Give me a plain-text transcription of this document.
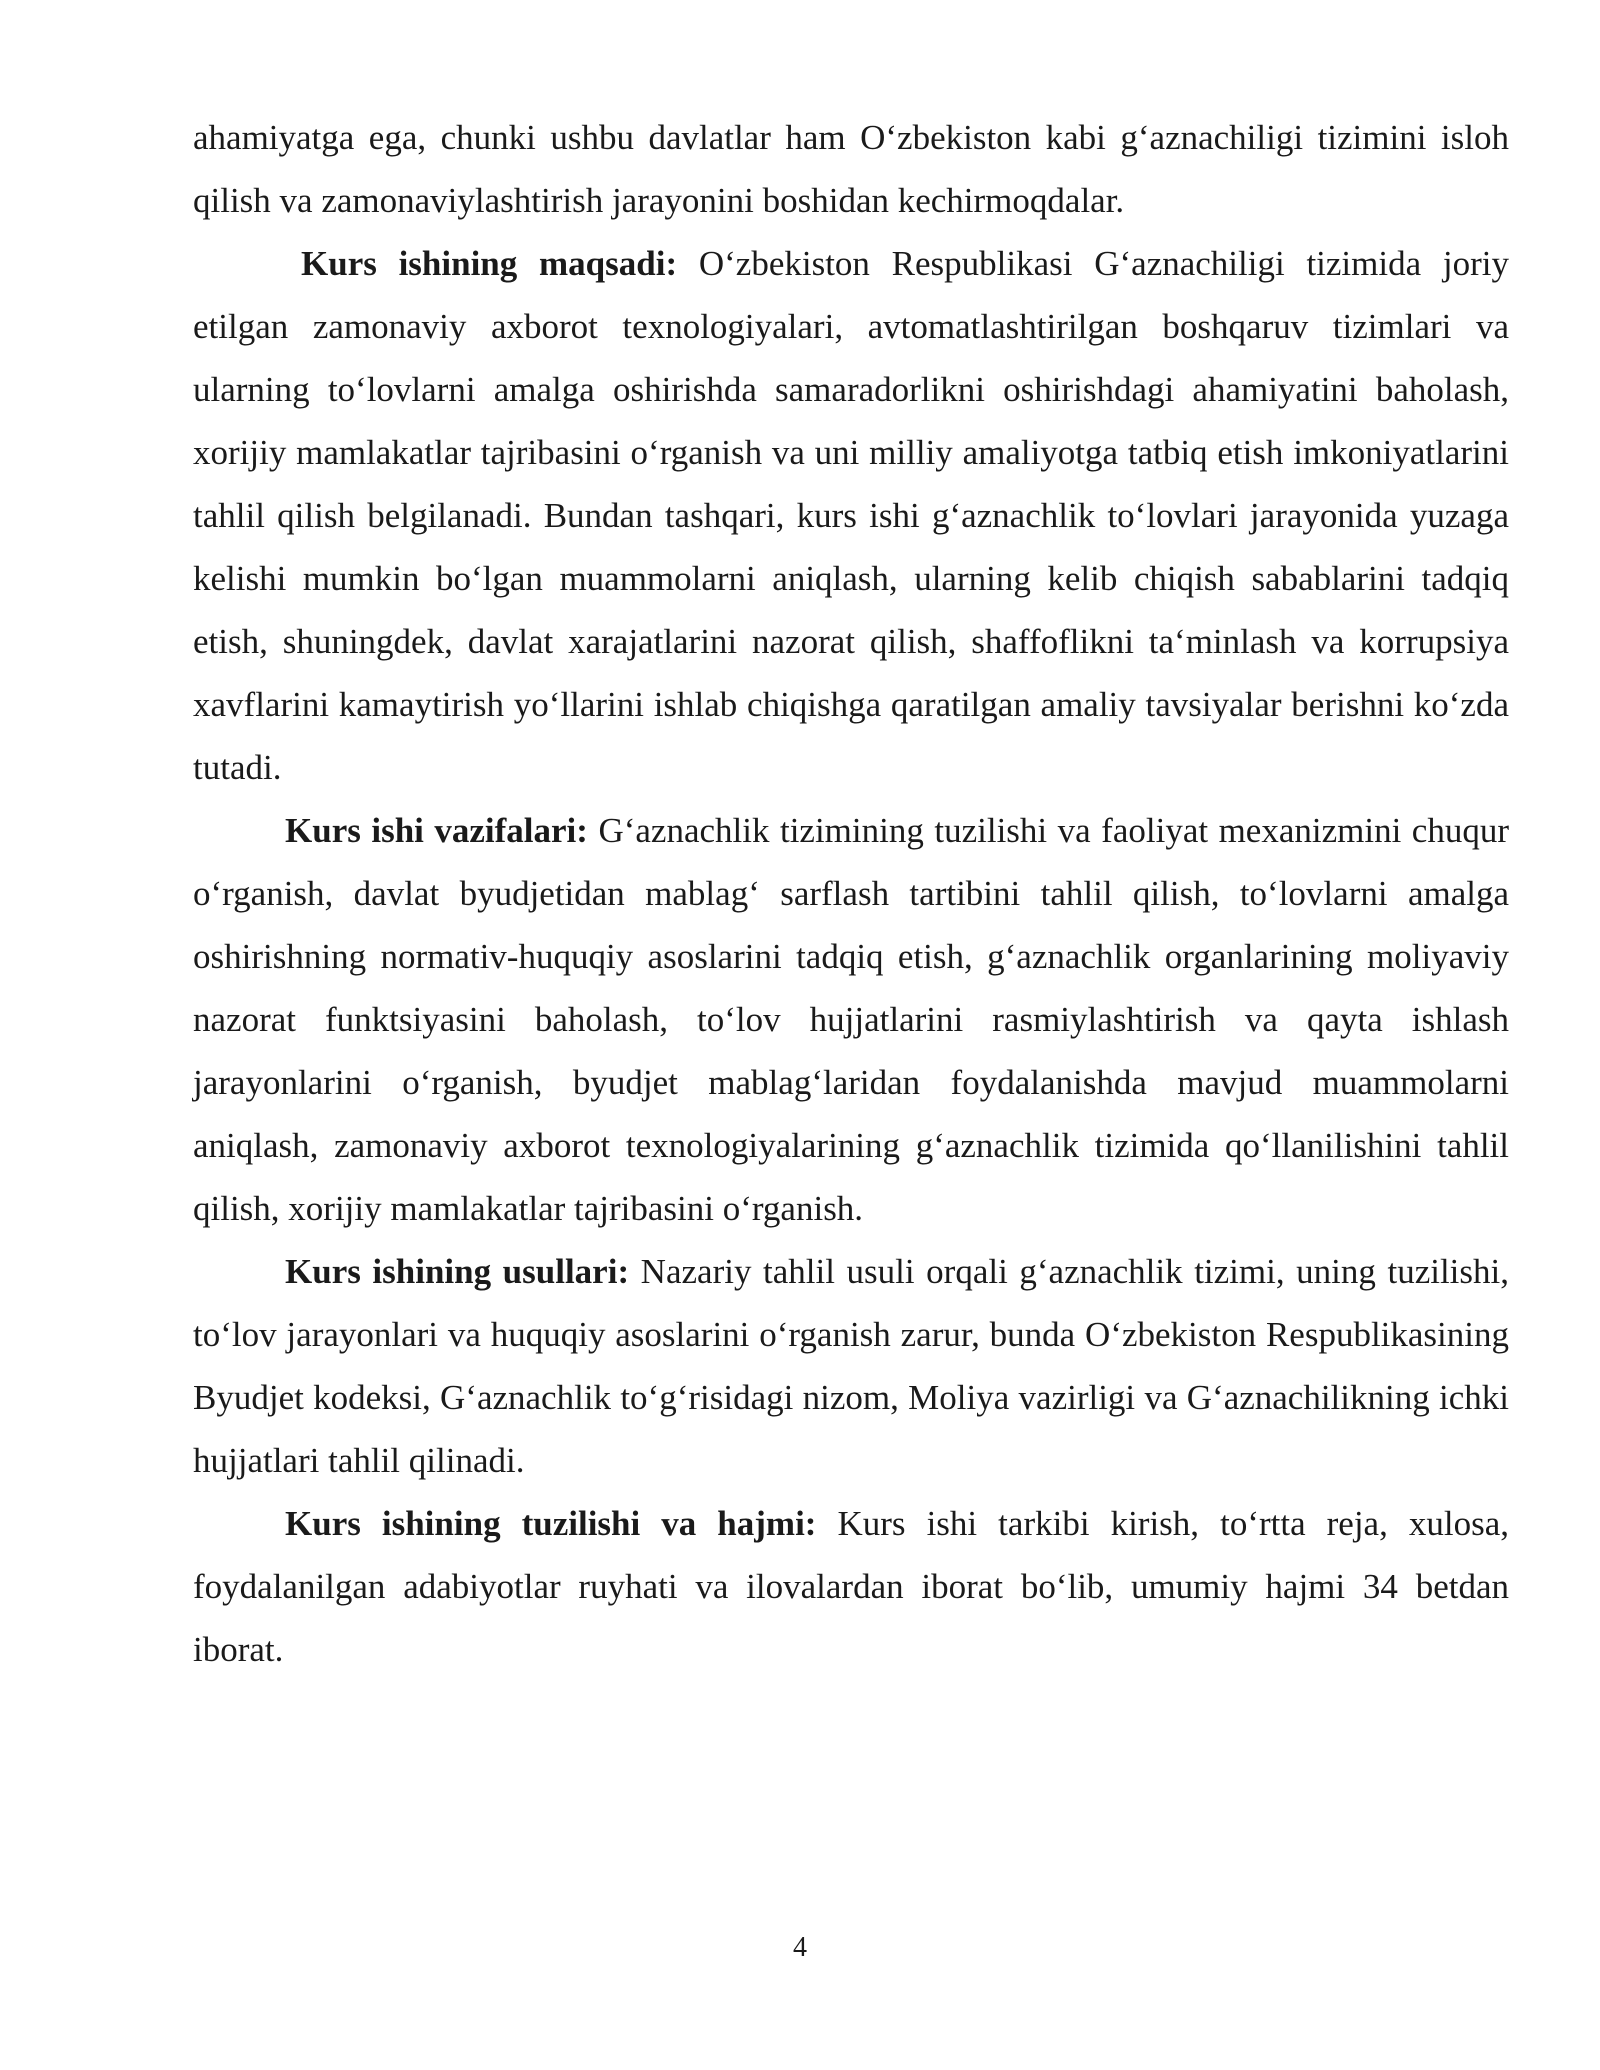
ahamiyatga ega, chunki ushbu davlatlar ham O‘zbekiston kabi g‘aznachiligi tizimini isloh qilish va zamonaviylashtirish jarayonini boshidan kechirmoqdalar.

Kurs ishining maqsadi: O‘zbekiston Respublikasi G‘aznachiligi tizimida joriy etilgan zamonaviy axborot texnologiyalari, avtomatlashtirilgan boshqaruv tizimlari va ularning to‘lovlarni amalga oshirishda samaradorlikni oshirishdagi ahamiyatini baholash, xorijiy mamlakatlar tajribasini o‘rganish va uni milliy amaliyotga tatbiq etish imkoniyatlarini tahlil qilish belgilanadi. Bundan tashqari, kurs ishi g‘aznachlik to‘lovlari jarayonida yuzaga kelishi mumkin bo‘lgan muammolarni aniqlash, ularning kelib chiqish sabablarini tadqiq etish, shuningdek, davlat xarajatlarini nazorat qilish, shaffoflikni ta‘minlash va korrupsiya xavflarini kamaytirish yo‘llarini ishlab chiqishga qaratilgan amaliy tavsiyalar berishni ko‘zda tutadi.

Kurs ishi vazifalari: G‘aznachlik tizimining tuzilishi va faoliyat mexanizmini chuqur o‘rganish, davlat byudjetidan mablag‘ sarflash tartibini tahlil qilish, to‘lovlarni amalga oshirishning normativ-huquqiy asoslarini tadqiq etish, g‘aznachlik organlarining moliyaviy nazorat funktsiyasini baholash, to‘lov hujjatlarini rasmiylashtirish va qayta ishlash jarayonlarini o‘rganish, byudjet mablag‘laridan foydalanishda mavjud muammolarni aniqlash, zamonaviy axborot texnologiyalarining g‘aznachlik tizimida qo‘llanilishini tahlil qilish, xorijiy mamlakatlar tajribasini o‘rganish.

Kurs ishining usullari: Nazariy tahlil usuli orqali g‘aznachlik tizimi, uning tuzilishi, to‘lov jarayonlari va huquqiy asoslarini o‘rganish zarur, bunda O‘zbekiston Respublikasining Byudjet kodeksi, G‘aznachlik to‘g‘risidagi nizom, Moliya vazirligi va G‘aznachilikning ichki hujjatlari tahlil qilinadi.

Kurs ishining tuzilishi va hajmi: Kurs ishi tarkibi kirish, to‘rtta reja, xulosa, foydalanilgan adabiyotlar ruyhati va ilovalardan iborat bo‘lib, umumiy hajmi 34 betdan iborat.

4
